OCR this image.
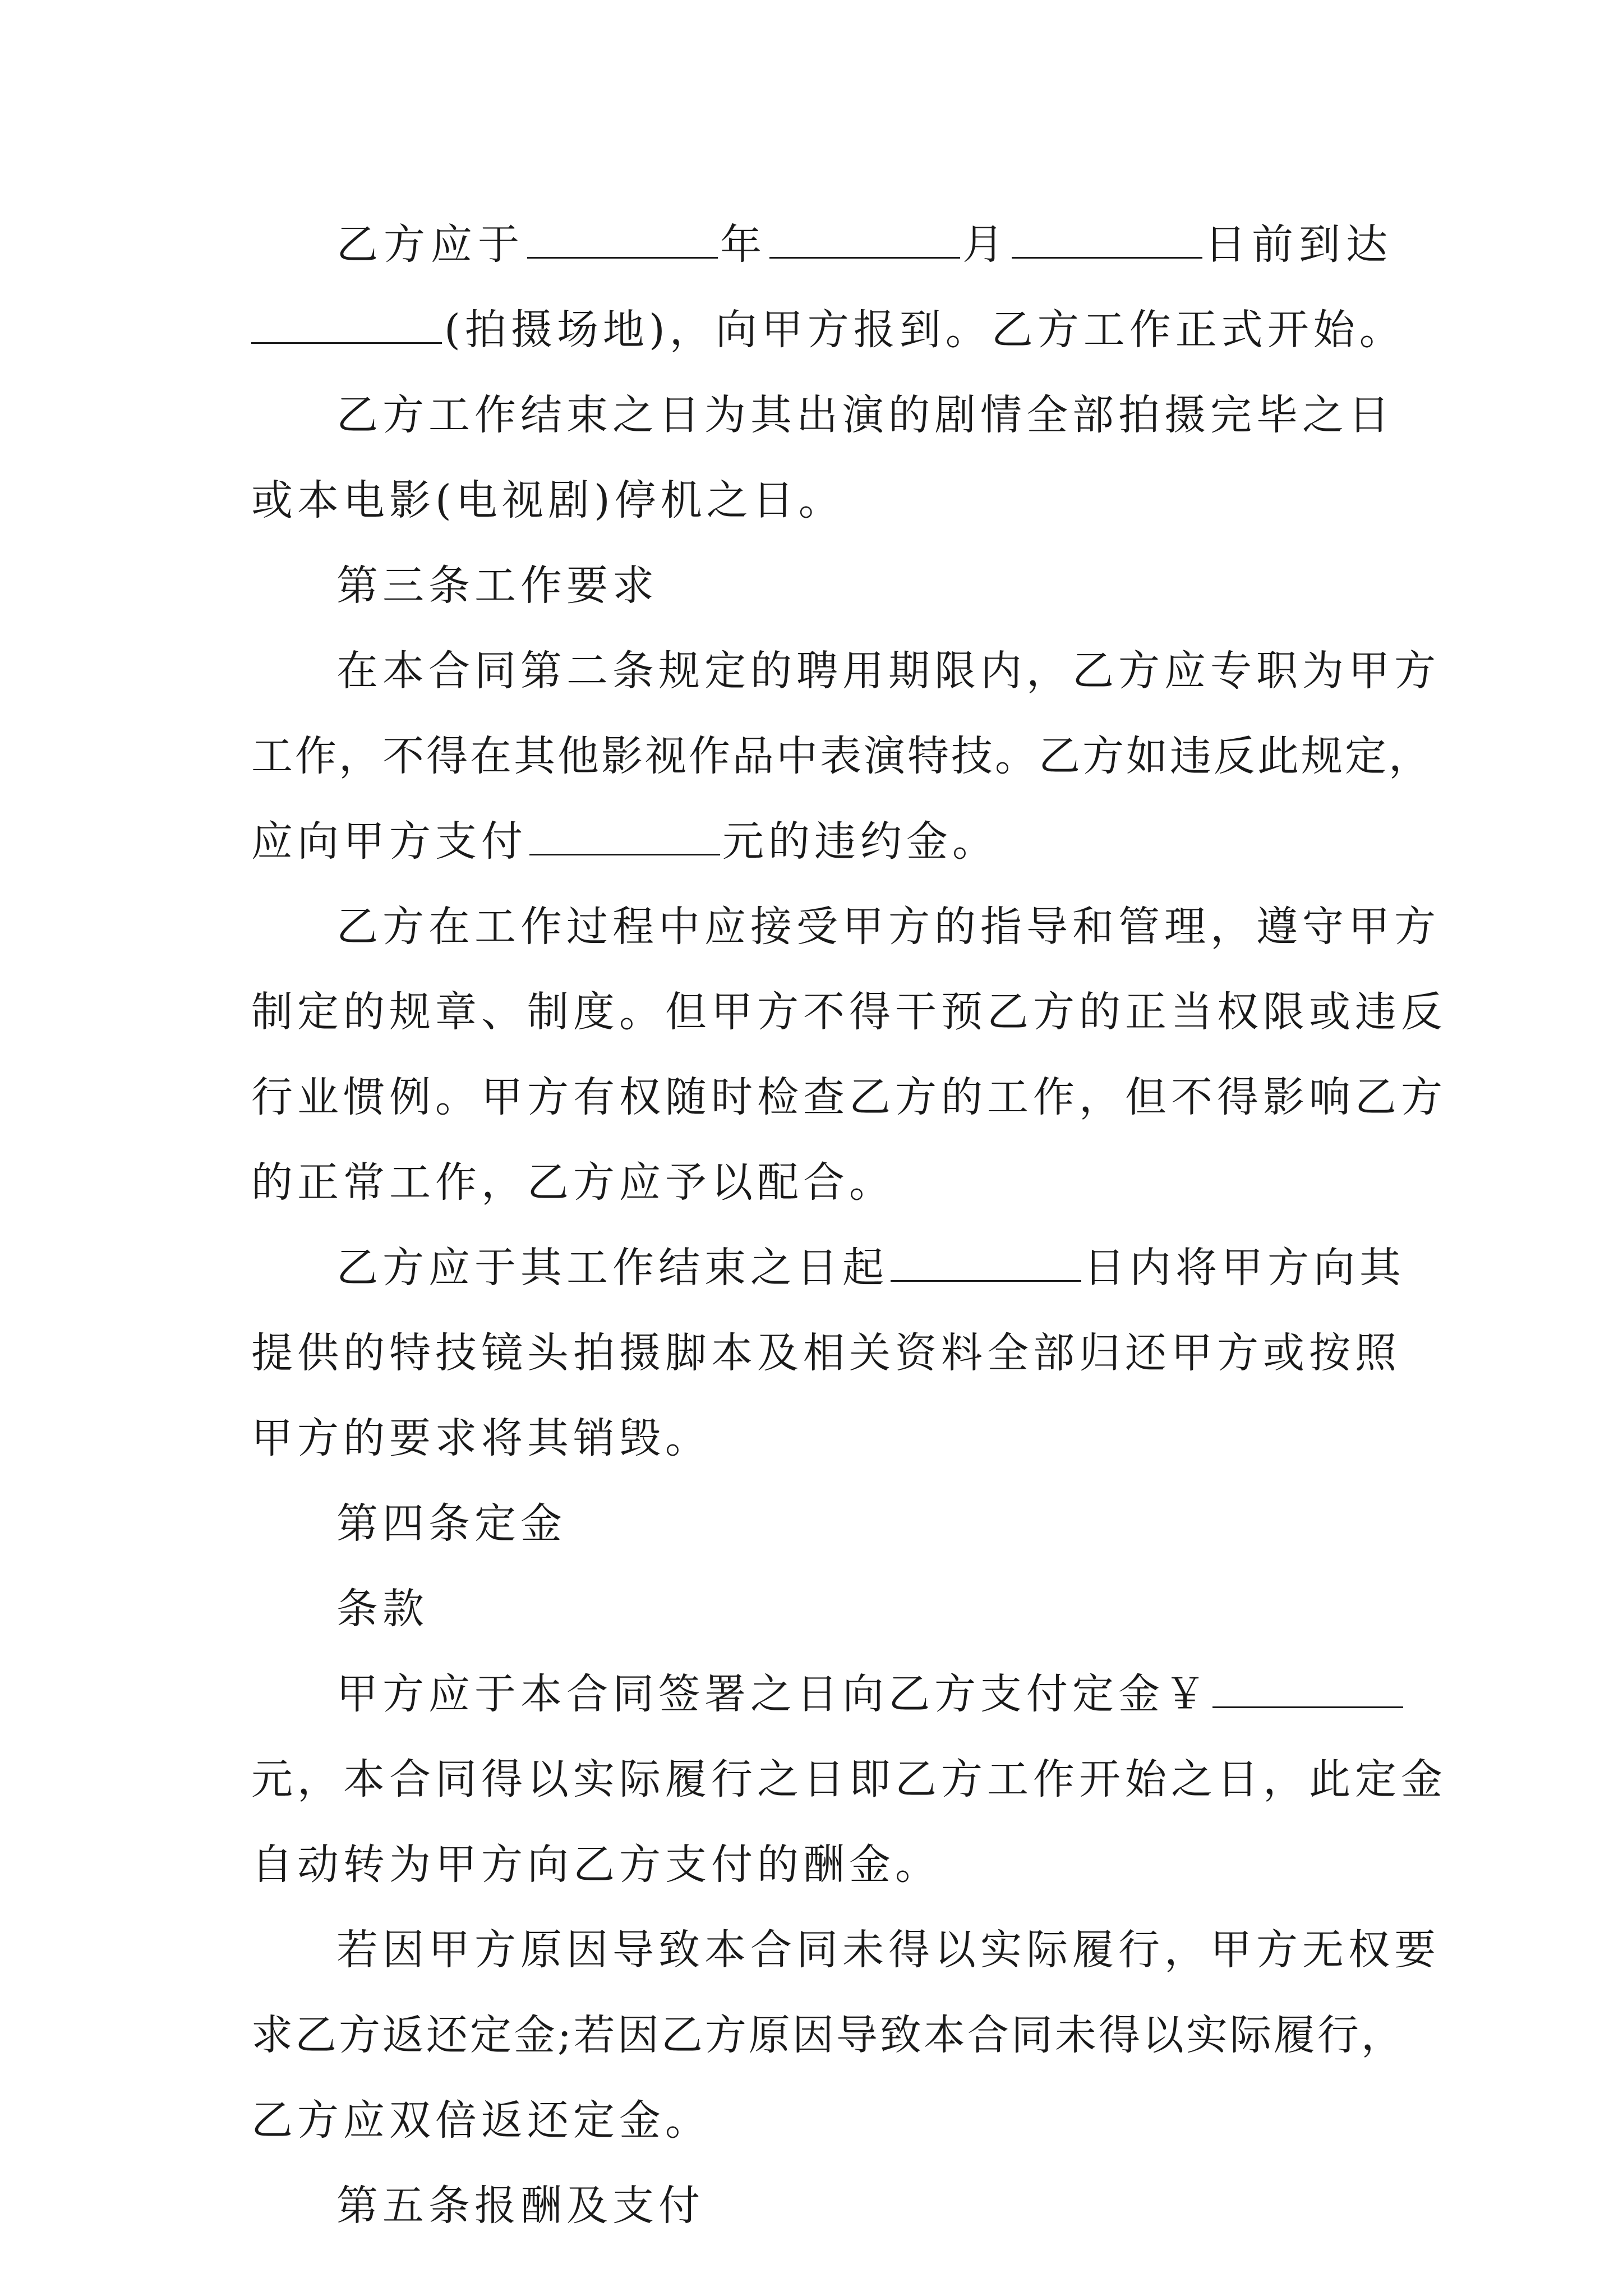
乙方应于	年	月	日前到达
(拍摄场地)，向甲方报到。乙方工作正式开始。
乙方工作结束之日为其出演的剧情全部拍摄完毕之日
或本电影(电视剧)停机之日。
第三条工作要求
在本合同第二条规定的聘用期限内，乙方应专职为甲方
工作，不得在其他影视作品中表演特技。乙方如违反此规定，
应向甲方支付	元的违约金。
乙方在工作过程中应接受甲方的指导和管理，遵守甲方
制定的规章、制度。但甲方不得干预乙方的正当权限或违反
行业惯例。甲方有权随时检查乙方的工作，但不得影响乙方
的正常工作，乙方应予以配合。
乙方应于其工作结束之日起	日内将甲方向其
提供的特技镜头拍摄脚本及相关资料全部归还甲方或按照
甲方的要求将其销毁。
第四条定金
条款
甲方应于本合同签署之日向乙方支付定金￥
元，本合同得以实际履行之日即乙方工作开始之日，此定金
自动转为甲方向乙方支付的酬金。
若因甲方原因导致本合同未得以实际履行，甲方无权要
求乙方返还定金;若因乙方原因导致本合同未得以实际履行，
乙方应双倍返还定金。
第五条报酬及支付
